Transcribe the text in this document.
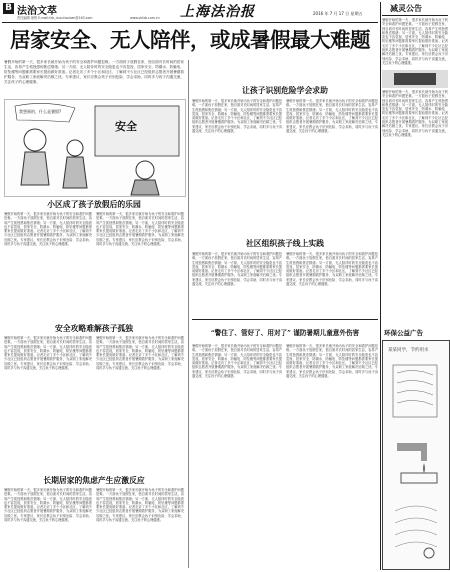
B 法治文萃
责任编辑 徐锐 E-mail:fzb_ducuhouban@163.com	www.shfzb.com.cn 上海法治报	2016 年 7 月 17 日 星期五
减灵公告
暑假开始的第一天，很多家长就开始为孩子的安全和看护问题犯难。一方面孩子放假在家，独自面对长时间的居家生活，容易产生孤独感和焦虑情绪；另一方面，无人陪伴时的安全隐患也不容忽视，居家安全、防溺水、防触电、防坠楼等问题都需要家长提前做好准备。记者走访了多个小区和社区，了解到不少社区已经组织志愿者开展暑期看护服务，为双职工家庭解决后顾之忧。专家建议，家长应教会孩子识别危险、学会求助，同时多与孩子沟通交流，关注孩子的心理健康。
暑假开始的第一天，很多家长就开始为孩子的安全和看护问题犯难。一方面孩子放假在家，独自面对长时间的居家生活，容易产生孤独感和焦虑情绪；另一方面，无人陪伴时的安全隐患也不容忽视，居家安全、防溺水、防触电、防坠楼等问题都需要家长提前做好准备。记者走访了多个小区和社区，了解到不少社区已经组织志愿者开展暑期看护服务，为双职工家庭解决后顾之忧。专家建议，家长应教会孩子识别危险、学会求助，同时多与孩子沟通交流，关注孩子的心理健康。
环保公益广告
某某同学，节约用水
居家安全、无人陪伴，或成暑假最大难题
暑假开始的第一天，很多家长就开始为孩子的安全和看护问题犯难。一方面孩子放假在家，独自面对长时间的居家生活，容易产生孤独感和焦虑情绪；另一方面，无人陪伴时的安全隐患也不容忽视，居家安全、防溺水、防触电、防坠楼等问题都需要家长提前做好准备。记者走访了多个小区和社区，了解到不少社区已经组织志愿者开展暑期看护服务，为双职工家庭解决后顾之忧。专家建议，家长应教会孩子识别危险、学会求助，同时多与孩子沟通交流，关注孩子的心理健康。
我想画的，什么是暑假?
安全
小区成了孩子放假后的乐园
暑假开始的第一天，很多家长就开始为孩子的安全和看护问题犯难。一方面孩子放假在家，独自面对长时间的居家生活，容易产生孤独感和焦虑情绪；另一方面，无人陪伴时的安全隐患也不容忽视，居家安全、防溺水、防触电、防坠楼等问题都需要家长提前做好准备。记者走访了多个小区和社区，了解到不少社区已经组织志愿者开展暑期看护服务，为双职工家庭解决后顾之忧。专家建议，家长应教会孩子识别危险、学会求助，同时多与孩子沟通交流，关注孩子的心理健康。
暑假开始的第一天，很多家长就开始为孩子的安全和看护问题犯难。一方面孩子放假在家，独自面对长时间的居家生活，容易产生孤独感和焦虑情绪；另一方面，无人陪伴时的安全隐患也不容忽视，居家安全、防溺水、防触电、防坠楼等问题都需要家长提前做好准备。记者走访了多个小区和社区，了解到不少社区已经组织志愿者开展暑期看护服务，为双职工家庭解决后顾之忧。专家建议，家长应教会孩子识别危险、学会求助，同时多与孩子沟通交流，关注孩子的心理健康。
安全攻略难解孩子孤独
暑假开始的第一天，很多家长就开始为孩子的安全和看护问题犯难。一方面孩子放假在家，独自面对长时间的居家生活，容易产生孤独感和焦虑情绪；另一方面，无人陪伴时的安全隐患也不容忽视，居家安全、防溺水、防触电、防坠楼等问题都需要家长提前做好准备。记者走访了多个小区和社区，了解到不少社区已经组织志愿者开展暑期看护服务，为双职工家庭解决后顾之忧。专家建议，家长应教会孩子识别危险、学会求助，同时多与孩子沟通交流，关注孩子的心理健康。
暑假开始的第一天，很多家长就开始为孩子的安全和看护问题犯难。一方面孩子放假在家，独自面对长时间的居家生活，容易产生孤独感和焦虑情绪；另一方面，无人陪伴时的安全隐患也不容忽视，居家安全、防溺水、防触电、防坠楼等问题都需要家长提前做好准备。记者走访了多个小区和社区，了解到不少社区已经组织志愿者开展暑期看护服务，为双职工家庭解决后顾之忧。专家建议，家长应教会孩子识别危险、学会求助，同时多与孩子沟通交流，关注孩子的心理健康。
长期居家的焦虑产生应激反应
暑假开始的第一天，很多家长就开始为孩子的安全和看护问题犯难。一方面孩子放假在家，独自面对长时间的居家生活，容易产生孤独感和焦虑情绪；另一方面，无人陪伴时的安全隐患也不容忽视，居家安全、防溺水、防触电、防坠楼等问题都需要家长提前做好准备。记者走访了多个小区和社区，了解到不少社区已经组织志愿者开展暑期看护服务，为双职工家庭解决后顾之忧。专家建议，家长应教会孩子识别危险、学会求助，同时多与孩子沟通交流，关注孩子的心理健康。
暑假开始的第一天，很多家长就开始为孩子的安全和看护问题犯难。一方面孩子放假在家，独自面对长时间的居家生活，容易产生孤独感和焦虑情绪；另一方面，无人陪伴时的安全隐患也不容忽视，居家安全、防溺水、防触电、防坠楼等问题都需要家长提前做好准备。记者走访了多个小区和社区，了解到不少社区已经组织志愿者开展暑期看护服务，为双职工家庭解决后顾之忧。专家建议，家长应教会孩子识别危险、学会求助，同时多与孩子沟通交流，关注孩子的心理健康。
让孩子识别危险学会求助
暑假开始的第一天，很多家长就开始为孩子的安全和看护问题犯难。一方面孩子放假在家，独自面对长时间的居家生活，容易产生孤独感和焦虑情绪；另一方面，无人陪伴时的安全隐患也不容忽视，居家安全、防溺水、防触电、防坠楼等问题都需要家长提前做好准备。记者走访了多个小区和社区，了解到不少社区已经组织志愿者开展暑期看护服务，为双职工家庭解决后顾之忧。专家建议，家长应教会孩子识别危险、学会求助，同时多与孩子沟通交流，关注孩子的心理健康。
暑假开始的第一天，很多家长就开始为孩子的安全和看护问题犯难。一方面孩子放假在家，独自面对长时间的居家生活，容易产生孤独感和焦虑情绪；另一方面，无人陪伴时的安全隐患也不容忽视，居家安全、防溺水、防触电、防坠楼等问题都需要家长提前做好准备。记者走访了多个小区和社区，了解到不少社区已经组织志愿者开展暑期看护服务，为双职工家庭解决后顾之忧。专家建议，家长应教会孩子识别危险、学会求助，同时多与孩子沟通交流，关注孩子的心理健康。
社区组织孩子线上实践
暑假开始的第一天，很多家长就开始为孩子的安全和看护问题犯难。一方面孩子放假在家，独自面对长时间的居家生活，容易产生孤独感和焦虑情绪；另一方面，无人陪伴时的安全隐患也不容忽视，居家安全、防溺水、防触电、防坠楼等问题都需要家长提前做好准备。记者走访了多个小区和社区，了解到不少社区已经组织志愿者开展暑期看护服务，为双职工家庭解决后顾之忧。专家建议，家长应教会孩子识别危险、学会求助，同时多与孩子沟通交流，关注孩子的心理健康。
暑假开始的第一天，很多家长就开始为孩子的安全和看护问题犯难。一方面孩子放假在家，独自面对长时间的居家生活，容易产生孤独感和焦虑情绪；另一方面，无人陪伴时的安全隐患也不容忽视，居家安全、防溺水、防触电、防坠楼等问题都需要家长提前做好准备。记者走访了多个小区和社区，了解到不少社区已经组织志愿者开展暑期看护服务，为双职工家庭解决后顾之忧。专家建议，家长应教会孩子识别危险、学会求助，同时多与孩子沟通交流，关注孩子的心理健康。
“警住了、管好了、用对了” 谨防暑期儿童意外伤害
暑假开始的第一天，很多家长就开始为孩子的安全和看护问题犯难。一方面孩子放假在家，独自面对长时间的居家生活，容易产生孤独感和焦虑情绪；另一方面，无人陪伴时的安全隐患也不容忽视，居家安全、防溺水、防触电、防坠楼等问题都需要家长提前做好准备。记者走访了多个小区和社区，了解到不少社区已经组织志愿者开展暑期看护服务，为双职工家庭解决后顾之忧。专家建议，家长应教会孩子识别危险、学会求助，同时多与孩子沟通交流，关注孩子的心理健康。
暑假开始的第一天，很多家长就开始为孩子的安全和看护问题犯难。一方面孩子放假在家，独自面对长时间的居家生活，容易产生孤独感和焦虑情绪；另一方面，无人陪伴时的安全隐患也不容忽视，居家安全、防溺水、防触电、防坠楼等问题都需要家长提前做好准备。记者走访了多个小区和社区，了解到不少社区已经组织志愿者开展暑期看护服务，为双职工家庭解决后顾之忧。专家建议，家长应教会孩子识别危险、学会求助，同时多与孩子沟通交流，关注孩子的心理健康。
